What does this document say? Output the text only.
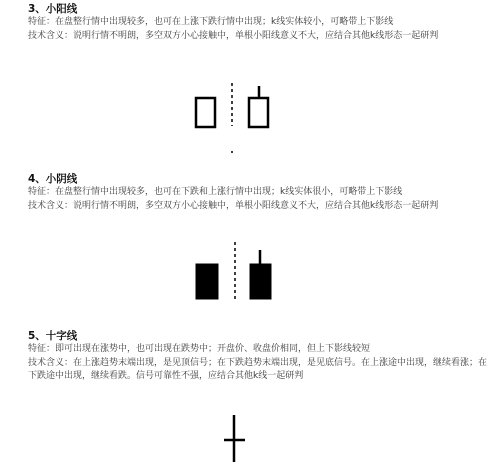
3、小阳线

特征：在盘整行情中出现较多，也可在上涨下跌行情中出现；k线实体较小，可略带上下影线

技术含义：说明行情不明朗，多空双方小心接触中，单根小阳线意义不大，应结合其他k线形态一起研判

4、小阴线

特征：在盘整行情中出现较多，也可在下跌和上涨行情中出现；k线实体很小，可略带上下影线

技术含义：说明行情不明朗，多空双方小心接触中，单根小阳线意义不大，应结合其他k线形态一起研判

5、十字线

特征：即可出现在涨势中，也可出现在跌势中；开盘价、收盘价相同，但上下影线较短

技术含义：在上涨趋势末端出现，是见顶信号；在下跌趋势末端出现，是见底信号。在上涨途中出现，继续看涨；在下跌途中出现，继续看跌。信号可靠性不强，应结合其他k线一起研判
